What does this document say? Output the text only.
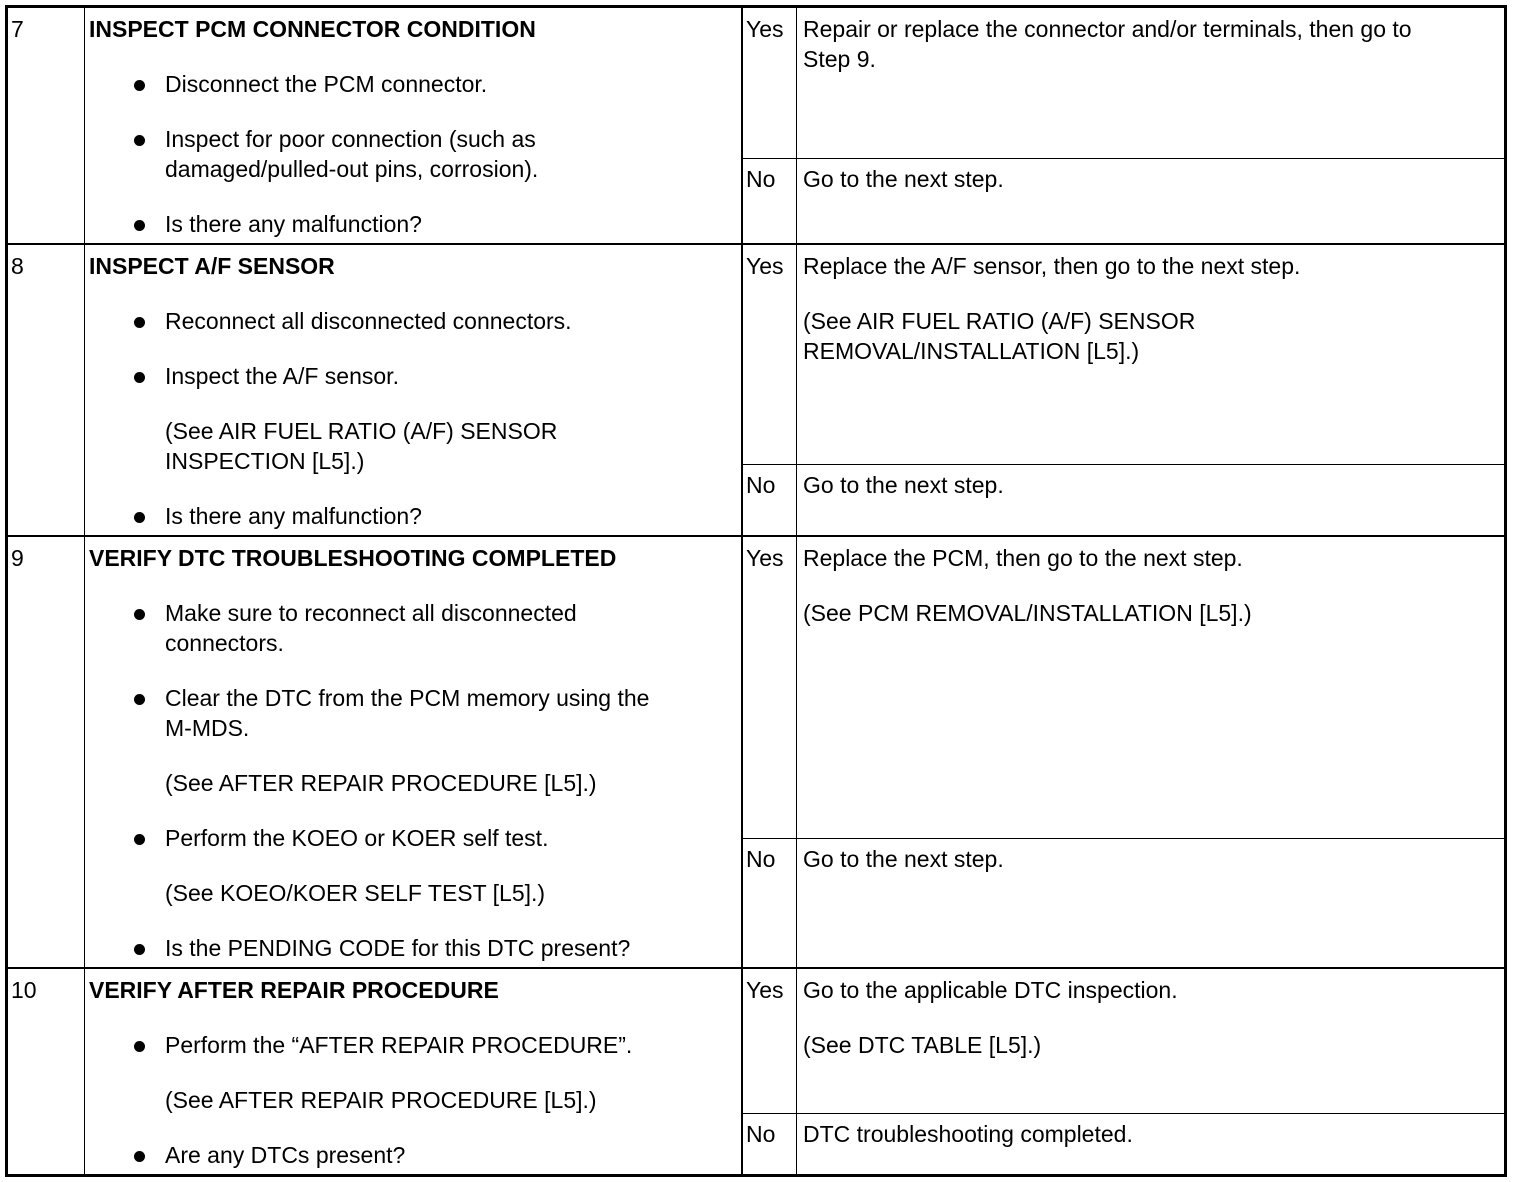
7	INSPECT PCM CONNECTOR CONDITION
Disconnect the PCM connector.
Inspect for poor connection (such as
damaged/pulled-out pins, corrosion).
Is there any malfunction?
Yes Repair or replace the connector and/or terminals, then go to
Step 9.
No Go to the next step.
8	INSPECT A/F SENSOR
Reconnect all disconnected connectors.
Inspect the A/F sensor.
(See AIR FUEL RATIO (A/F) SENSOR
INSPECTION [L5].)
Is there any malfunction?
Yes Replace the A/F sensor, then go to the next step.
(See AIR FUEL RATIO (A/F) SENSOR
REMOVAL/INSTALLATION [L5].)
No Go to the next step.
9	VERIFY DTC TROUBLESHOOTING COMPLETED
Make sure to reconnect all disconnected
connectors.
Clear the DTC from the PCM memory using the
M-MDS.
(See AFTER REPAIR PROCEDURE [L5].)
Perform the KOEO or KOER self test.
(See KOEO/KOER SELF TEST [L5].)
Is the PENDING CODE for this DTC present?
Yes Replace the PCM, then go to the next step.
(See PCM REMOVAL/INSTALLATION [L5].)
No Go to the next step.
10 VERIFY AFTER REPAIR PROCEDURE
Perform the “AFTER REPAIR PROCEDURE”.
(See AFTER REPAIR PROCEDURE [L5].)
Are any DTCs present?
Yes Go to the applicable DTC inspection.
(See DTC TABLE [L5].)
No DTC troubleshooting completed.
